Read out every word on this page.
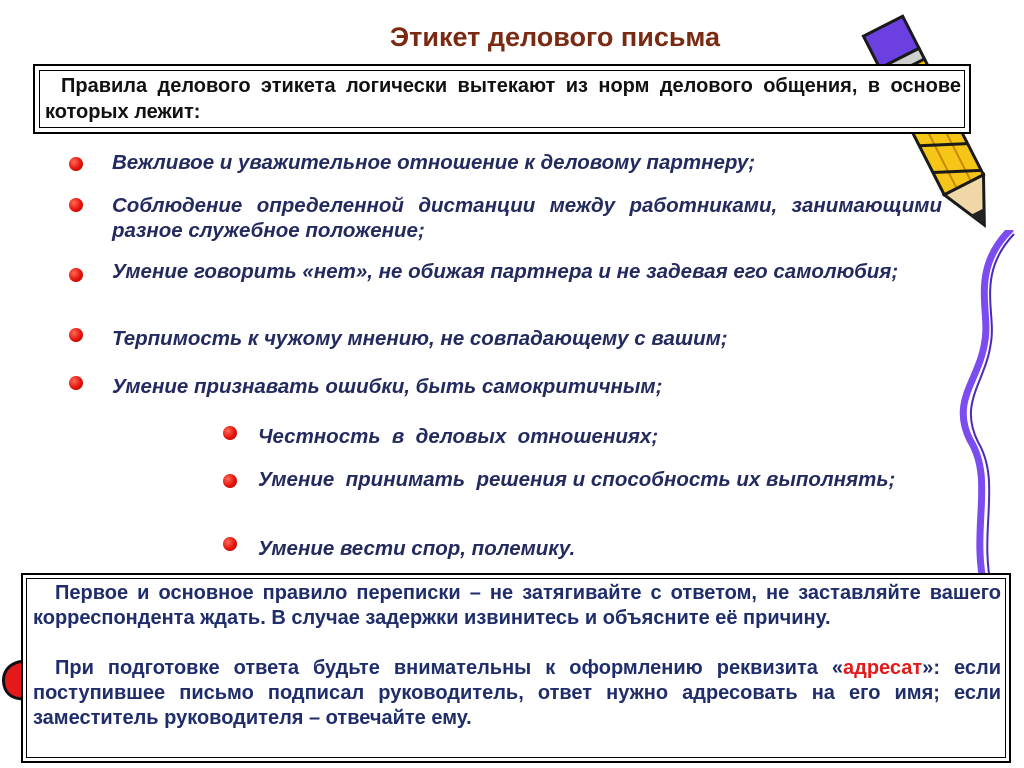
Этикет делового письма
Правила делового этикета логически вытекают из норм делового общения, в основе которых лежит:
Вежливое и уважительное отношение к деловому партнеру;
Соблюдение определенной дистанции между работниками, занимающими разное служебное положение;
Умение говорить «нет», не обижая партнера и не задевая его самолюбия;
Терпимость к чужому мнению, не совпадающему с вашим;
Умение признавать ошибки, быть самокритичным;
Честность  в  деловых  отношениях;
Умение  принимать  решения и способность их выполнять;
Умение вести спор, полемику.

Первое и основное правило переписки – не затягивайте с ответом, не заставляйте вашего корреспондента ждать. В случае задержки извинитесь и объясните её причину.

При подготовке ответа будьте внимательны к оформлению реквизита «адресат»: если поступившее письмо подписал руководитель, ответ нужно адресовать на его имя; если заместитель руководителя – отвечайте ему.
